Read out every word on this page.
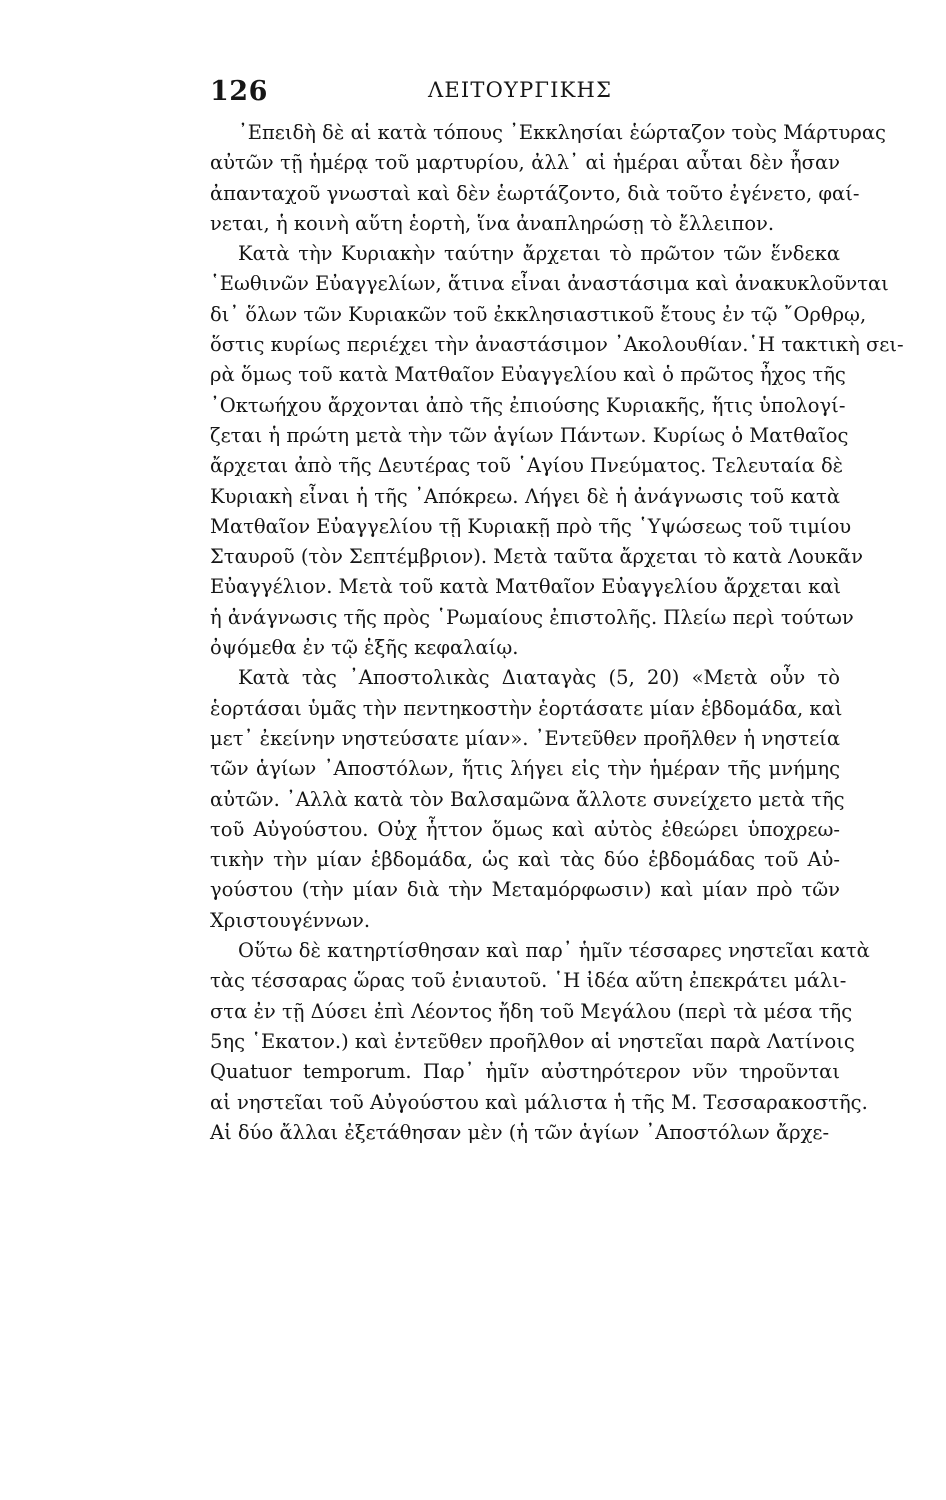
126	ΛΕΙΤΟΥΡΓΙΚΗΣ
᾿Επειδὴ δὲ αἱ κατὰ τόπους ᾿Εκκλησίαι ἑώρταζον τοὺς Μάρτυρας
αὐτῶν τῇ ἡμέρᾳ τοῦ μαρτυρίου, ἀλλ᾿ αἱ ἡμέραι αὗται δὲν ἦσαν
ἀπανταχοῦ γνωσταὶ καὶ δὲν ἑωρτάζοντο, διὰ τοῦτο ἐγένετο, φαί-
νεται, ἡ κοινὴ αὕτη ἑορτὴ, ἵνα ἀναπληρώσῃ τὸ ἔλλειπον.
Κατὰ τὴν Κυριακὴν ταύτην ἄρχεται τὸ πρῶτον τῶν ἕνδεκα
῾Εωθινῶν Εὐαγγελίων, ἅτινα εἶναι ἀναστάσιμα καὶ ἀνακυκλοῦνται
δι᾿ ὅλων τῶν Κυριακῶν τοῦ ἐκκλησιαστικοῦ ἔτους ἐν τῷ ῎Ορθρῳ,
ὅστις κυρίως περιέχει τὴν ἀναστάσιμον ᾿Ακολουθίαν.῾Η τακτικὴ σει-
ρὰ ὅμως τοῦ κατὰ Ματθαῖον Εὐαγγελίου καὶ ὁ πρῶτος ἦχος τῆς
᾿Οκτωήχου ἄρχονται ἀπὸ τῆς ἐπιούσης Κυριακῆς, ἥτις ὑπολογί-
ζεται ἡ πρώτη μετὰ τὴν τῶν ἁγίων Πάντων. Κυρίως ὁ Ματθαῖος
ἄρχεται ἀπὸ τῆς Δευτέρας τοῦ ῾Αγίου Πνεύματος. Τελευταία δὲ
Κυριακὴ εἶναι ἡ τῆς ᾿Απόκρεω. Λήγει δὲ ἡ ἀνάγνωσις τοῦ κατὰ
Ματθαῖον Εὐαγγελίου τῇ Κυριακῇ πρὸ τῆς ῾Υψώσεως τοῦ τιμίου
Σταυροῦ (τὸν Σεπτέμβριον). Μετὰ ταῦτα ἄρχεται τὸ κατὰ Λουκᾶν
Εὐαγγέλιον. Μετὰ τοῦ κατὰ Ματθαῖον Εὐαγγελίου ἄρχεται καὶ
ἡ ἀνάγνωσις τῆς πρὸς ῾Ρωμαίους ἐπιστολῆς. Πλείω περὶ τούτων
ὀψόμεθα ἐν τῷ ἑξῆς κεφαλαίῳ.
Κατὰ τὰς ᾿Αποστολικὰς Διαταγὰς (5, 20) «Μετὰ οὖν τὸ
ἑορτάσαι ὑμᾶς τὴν πεντηκοστὴν ἑορτάσατε μίαν ἑβδομάδα, καὶ
μετ᾿ ἐκείνην νηστεύσατε μίαν». ᾿Εντεῦθεν προῆλθεν ἡ νηστεία
τῶν ἁγίων ᾿Αποστόλων, ἥτις λήγει εἰς τὴν ἡμέραν τῆς μνήμης
αὐτῶν. ᾿Αλλὰ κατὰ τὸν Βαλσαμῶνα ἄλλοτε συνείχετο μετὰ τῆς
τοῦ Αὐγούστου. Οὐχ ἧττον ὅμως καὶ αὐτὸς ἐθεώρει ὑποχρεω-
τικὴν τὴν μίαν ἑβδομάδα, ὡς καὶ τὰς δύο ἑβδομάδας τοῦ Αὐ-
γούστου (τὴν μίαν διὰ τὴν Μεταμόρφωσιν) καὶ μίαν πρὸ τῶν
Χριστουγέννων.
Οὕτω δὲ κατηρτίσθησαν καὶ παρ᾿ ἡμῖν τέσσαρες νηστεῖαι κατὰ
τὰς τέσσαρας ὥρας τοῦ ἐνιαυτοῦ. ῾Η ἰδέα αὕτη ἐπεκράτει μάλι-
στα ἐν τῇ Δύσει ἐπὶ Λέοντος ἤδη τοῦ Μεγάλου (περὶ τὰ μέσα τῆς
5ης ῾Εκατον.) καὶ ἐντεῦθεν προῆλθον αἱ νηστεῖαι παρὰ Λατίνοις
Quatuor temporum. Παρ᾿ ἡμῖν αὐστηρότερον νῦν τηροῦνται
αἱ νηστεῖαι τοῦ Αὐγούστου καὶ μάλιστα ἡ τῆς Μ. Τεσσαρακοστῆς.
Αἱ δύο ἄλλαι ἐξετάθησαν μὲν (ἡ τῶν ἁγίων ᾿Αποστόλων ἄρχε-
